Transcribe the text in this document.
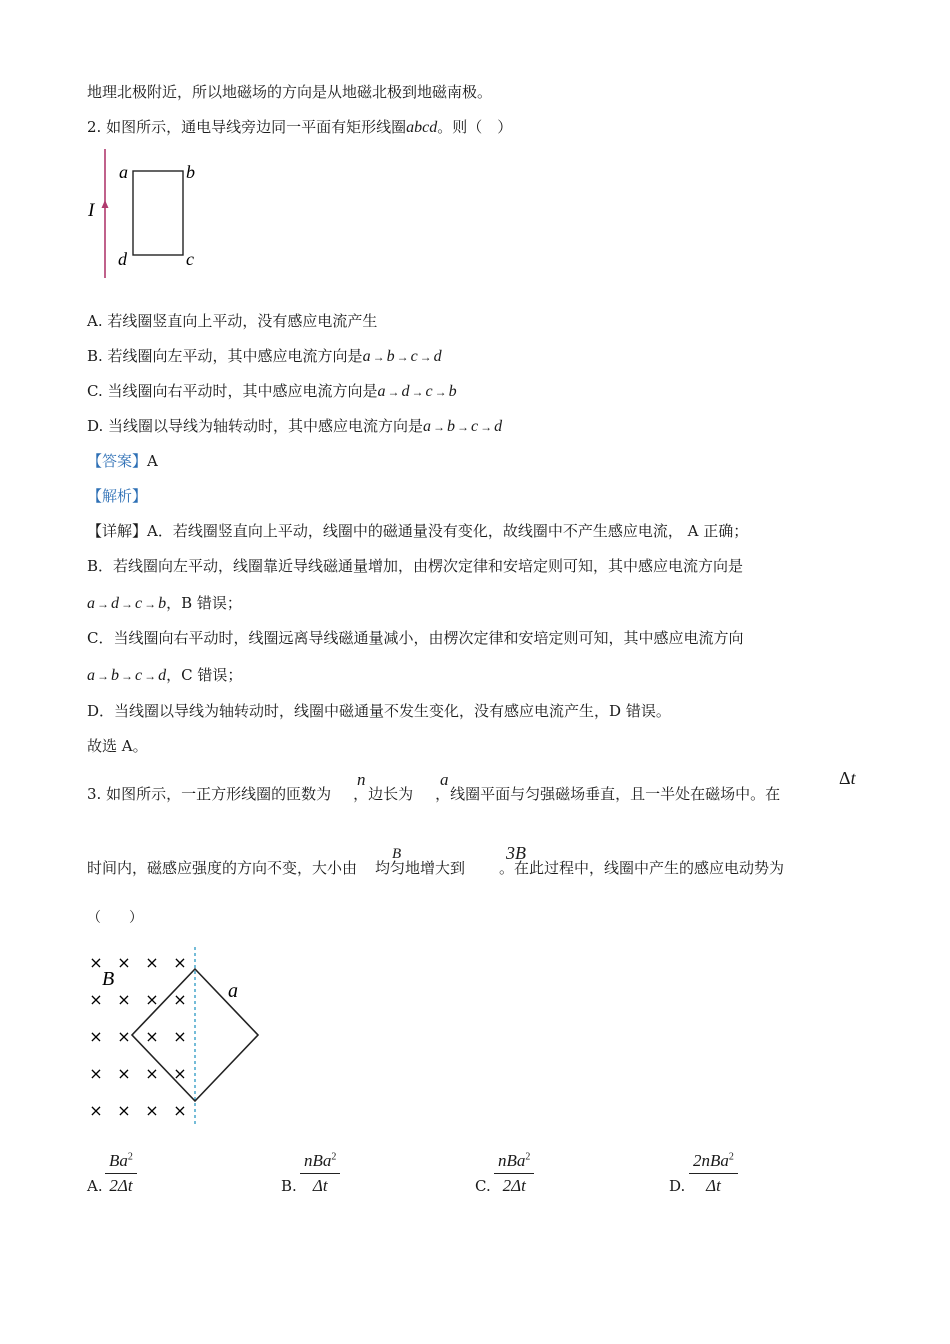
地理北极附近，所以地磁场的方向是从地磁北极到地磁南极。
2. 如图所示，通电导线旁边同一平面有矩形线圈abcd。则（　）
I
a	b
d	c
A. 若线圈竖直向上平动，没有感应电流产生
B. 若线圈向左平动，其中感应电流方向是a → b → c → d
C. 当线圈向右平动时，其中感应电流方向是a → d → c → b
D. 当线圈以导线为轴转动时，其中感应电流方向是a → b → c → d
【答案】A
【解析】
【详解】A．若线圈竖直向上平动，线圈中的磁通量没有变化，故线圈中不产生感应电流， A 正确；
B．若线圈向左平动，线圈靠近导线磁通量增加，由楞次定律和安培定则可知，其中感应电流方向是
a → d → c → b，B 错误；
C．当线圈向右平动时，线圈远离导线磁通量减小，由楞次定律和安培定则可知，其中感应电流方向
a → b → c → d，C 错误；
D．当线圈以导线为轴转动时，线圈中磁通量不发生变化，没有感应电流产生，D 错误。
故选 A。
3. 如图所示，一正方形线圈的匝数为 ，边长为 ，线圈平面与匀强磁场垂直，且一半处在磁场中。在
n	a	Δt
时间内，磁感应强度的方向不变，大小由 均匀地增大到 。在此过程中，线圈中产生的感应电动势为
B	3B
（　　）
× × × ×
× × × ×
× × × ×
× × × ×
× × × ×
B
a
A. $\frac{Ba^2}{2\Delta t}$	B.
nBa$^2$
Δt	C.
nBa$^2$
2Δt	D.
2nBa$^2$
Δt
